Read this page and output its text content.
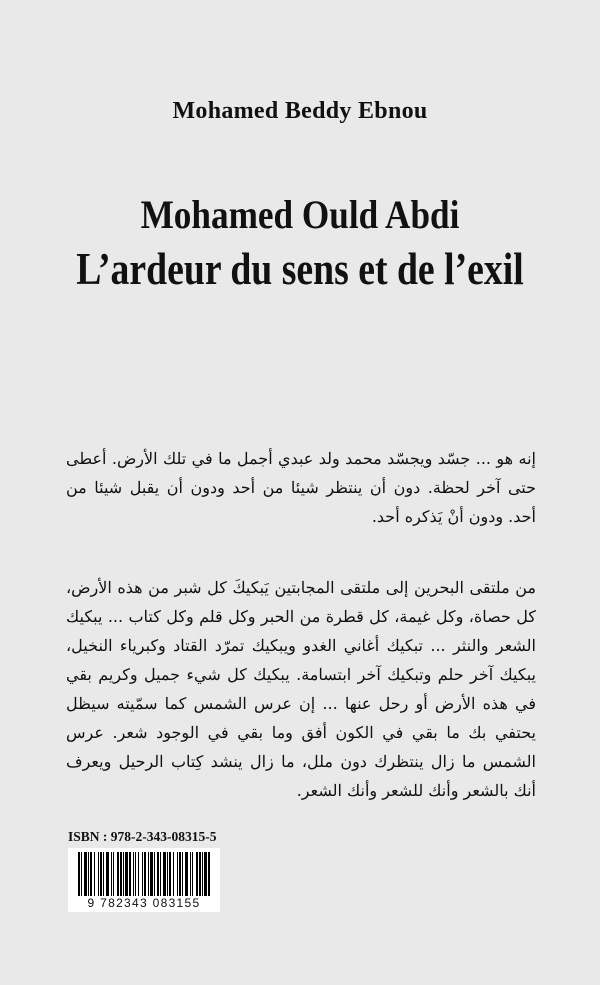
Mohamed Beddy Ebnou
Mohamed Ould Abdi
L’ardeur du sens et de l’exil
إنه هو ... جسّد ويجسّد محمد ولد عبدي أجمل ما في تلك الأرض. أعطى حتى آخر لحظة. دون أن ينتظر شيئا من أحد ودون أن يقبل شيئا من أحد. ودون أنْ يَذكره أحد.
من ملتقى البحرين إلى ملتقى المجابتين يَبكيكَ كل شبر من هذه الأرض، كل حصاة، وكل غيمة، كل قطرة من الحبر وكل قلم وكل كتاب ... يبكيك الشعر والنثر ... تبكيك أغاني الغدو ويبكيك تمرّد القتاد وكبرياء النخيل، يبكيك آخر حلم وتبكيك آخر ابتسامة. يبكيك كل شيء جميل وكريم بقي في هذه الأرض أو رحل عنها ... إن عرس الشمس كما سمّيته سيظل يحتفي بك ما بقي في الكون أفق وما بقي في الوجود شعر. عرس الشمس ما زال ينتظرك دون ملل، ما زال ينشد كِتاب الرحيل ويعرف أنك بالشعر وأنك للشعر وأنك الشعر.
ISBN : 978-2-343-08315-5
9 782343 083155
